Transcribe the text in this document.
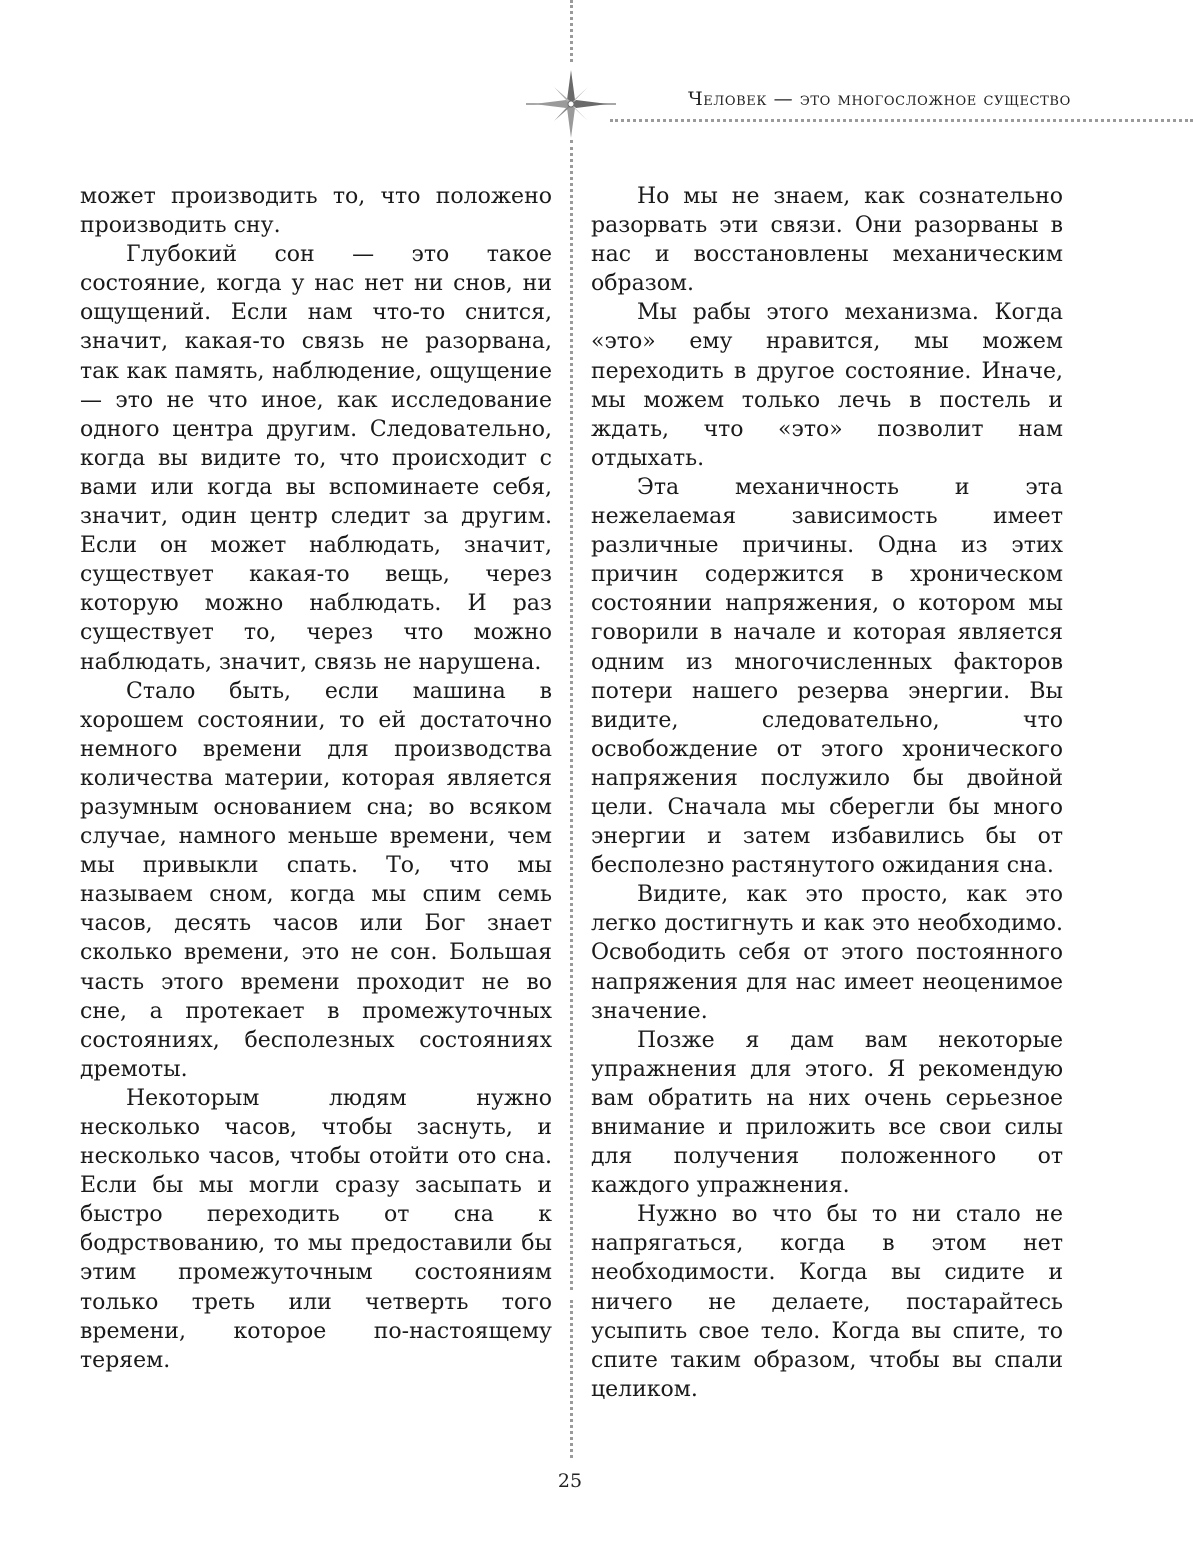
Человек — это многосложное существо

может производить то, что положено производить сну.

Глубокий сон — это такое состояние, когда у нас нет ни снов, ни ощущений. Если нам что-то снится, значит, какая-то связь не разорвана, так как память, наблюдение, ощущение — это не что иное, как исследование одного центра другим. Следовательно, когда вы видите то, что происходит с вами или когда вы вспоминаете себя, значит, один центр следит за другим. Если он может наблюдать, значит, существует какая-то вещь, через которую можно наблюдать. И раз существует то, через что можно наблюдать, значит, связь не нарушена.

Стало быть, если машина в хорошем состоянии, то ей достаточно немного времени для производства количества материи, которая является разумным основанием сна; во всяком случае, намного меньше времени, чем мы привыкли спать. То, что мы называем сном, когда мы спим семь часов, десять часов или Бог знает сколько времени, это не сон. Большая часть этого времени проходит не во сне, а протекает в промежуточных состояниях, бесполезных состояниях дремоты.

Некоторым людям нужно несколько часов, чтобы заснуть, и несколько часов, чтобы отойти ото сна. Если бы мы могли сразу засыпать и быстро переходить от сна к бодрствованию, то мы предоставили бы этим промежуточным состояниям только треть или четверть того времени, которое по-настоящему теряем.

Но мы не знаем, как сознательно разорвать эти связи. Они разорваны в нас и восстановлены механическим образом.

Мы рабы этого механизма. Когда «это» ему нравится, мы можем переходить в другое состояние. Иначе, мы можем только лечь в постель и ждать, что «это» позволит нам отдыхать.

Эта механичность и эта нежелаемая зависимость имеет различные причины. Одна из этих причин содержится в хроническом состоянии напряжения, о котором мы говорили в начале и которая является одним из многочисленных факторов потери нашего резерва энергии. Вы видите, следовательно, что освобождение от этого хронического напряжения послужило бы двойной цели. Сначала мы сберегли бы много энергии и затем избавились бы от бесполезно растянутого ожидания сна.

Видите, как это просто, как это легко достигнуть и как это необходимо. Освободить себя от этого постоянного напряжения для нас имеет неоценимое значение.

Позже я дам вам некоторые упражнения для этого. Я рекомендую вам обратить на них очень серьезное внимание и приложить все свои силы для получения положенного от каждого упражнения.

Нужно во что бы то ни стало не напрягаться, когда в этом нет необходимости. Когда вы сидите и ничего не делаете, постарайтесь усыпить свое тело. Когда вы спите, то спите таким образом, чтобы вы спали целиком.

25
